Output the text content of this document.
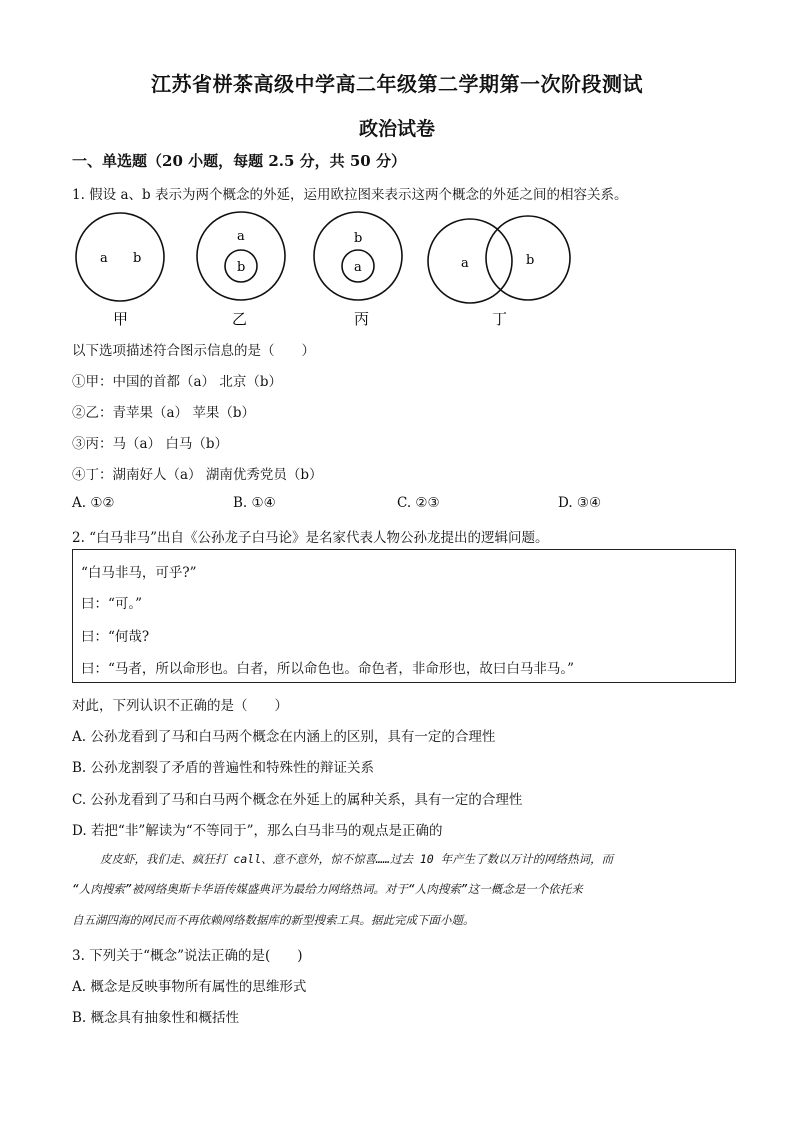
江苏省栟茶高级中学高二年级第二学期第一次阶段测试
政治试卷
一、单选题（20 小题，每题 2.5 分，共 50 分）
1. 假设 a、b 表示为两个概念的外延，运用欧拉图来表示这两个概念的外延之间的相容关系。
a b
甲
a
b
乙
b
a
丙
a	b
丁
以下选项描述符合图示信息的是（　　）
①甲：中国的首都（a） 北京（b）
②乙：青苹果（a） 苹果（b）
③丙：马（a） 白马（b）
④丁：湖南好人（a） 湖南优秀党员（b）
A. ①②	B. ①④	C. ②③	D. ③④
2. “白马非马”出自《公孙龙子白马论》是名家代表人物公孙龙提出的逻辑问题。
“白马非马，可乎?”
曰：“可。”
曰：“何哉?
曰：“马者，所以命形也。白者，所以命色也。命色者，非命形也，故曰白马非马。”
对此，下列认识不正确的是（　　）
A. 公孙龙看到了马和白马两个概念在内涵上的区别，具有一定的合理性
B. 公孙龙割裂了矛盾的普遍性和特殊性的辩证关系
C. 公孙龙看到了马和白马两个概念在外延上的属种关系，具有一定的合理性
D. 若把“非”解读为“不等同于”，那么白马非马的观点是正确的
皮皮虾，我们走、疯狂打 call、意不意外，惊不惊喜……过去 10 年产生了数以万计的网络热词，而
“人肉搜索”被网络奥斯卡华语传媒盛典评为最给力网络热词。对于“人肉搜索”这一概念是一个依托来
自五湖四海的网民而不再依赖网络数据库的新型搜索工具。据此完成下面小题。
3. 下列关于“概念”说法正确的是(　　)
A. 概念是反映事物所有属性的思维形式
B. 概念具有抽象性和概括性
